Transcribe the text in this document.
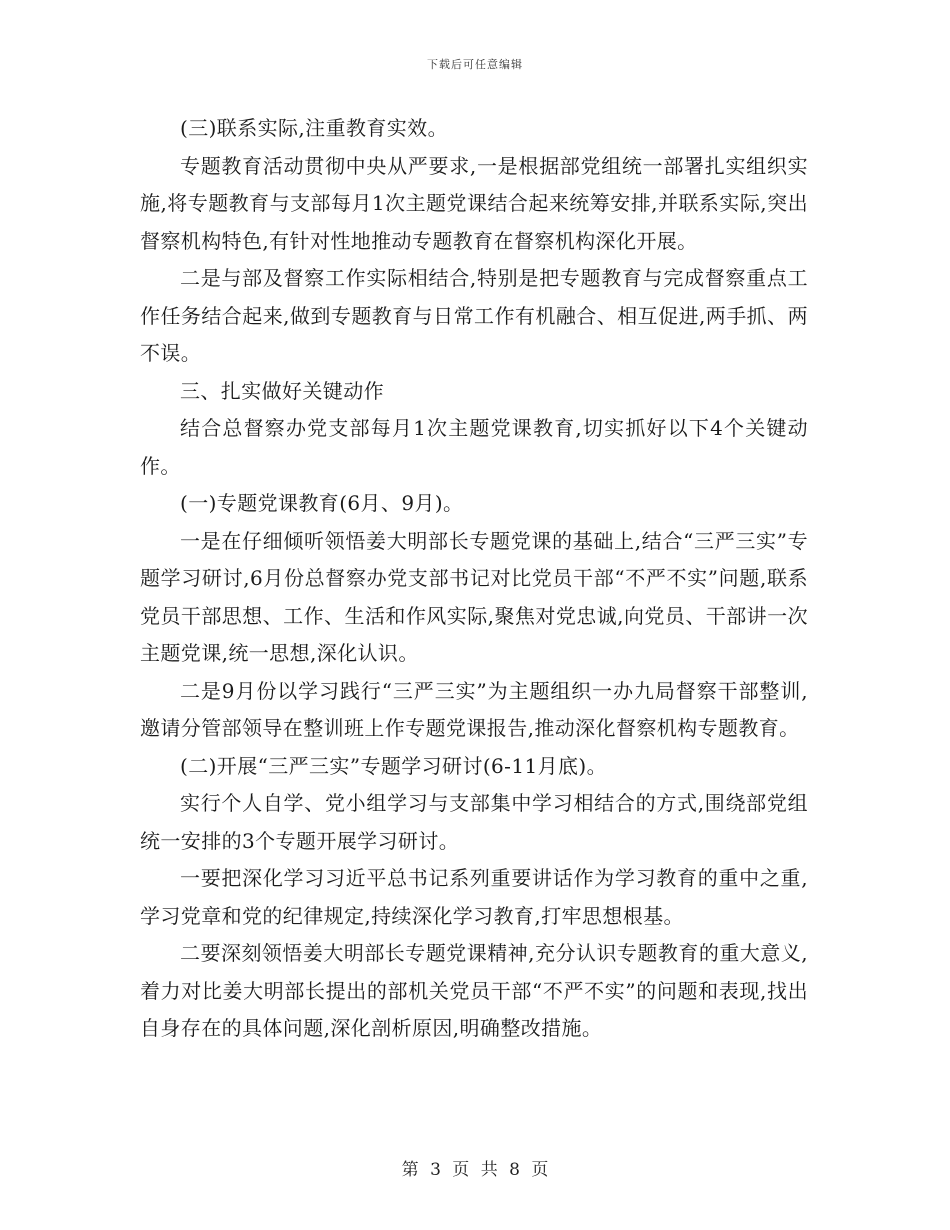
下载后可任意编辑

(三)联系实际,注重教育实效。

专题教育活动贯彻中央从严要求,一是根据部党组统一部署扎实组织实施,将专题教育与支部每月1次主题党课结合起来统筹安排,并联系实际,突出督察机构特色,有针对性地推动专题教育在督察机构深化开展。

二是与部及督察工作实际相结合,特别是把专题教育与完成督察重点工作任务结合起来,做到专题教育与日常工作有机融合、相互促进,两手抓、两不误。

三、扎实做好关键动作

结合总督察办党支部每月1次主题党课教育,切实抓好以下4个关键动作。

(一)专题党课教育(6月、9月)。

一是在仔细倾听领悟姜大明部长专题党课的基础上,结合“三严三实”专题学习研讨,6月份总督察办党支部书记对比党员干部“不严不实”问题,联系党员干部思想、工作、生活和作风实际,聚焦对党忠诚,向党员、干部讲一次主题党课,统一思想,深化认识。

二是9月份以学习践行“三严三实”为主题组织一办九局督察干部整训,邀请分管部领导在整训班上作专题党课报告,推动深化督察机构专题教育。

(二)开展“三严三实”专题学习研讨(6-11月底)。

实行个人自学、党小组学习与支部集中学习相结合的方式,围绕部党组统一安排的3个专题开展学习研讨。

一要把深化学习习近平总书记系列重要讲话作为学习教育的重中之重,学习党章和党的纪律规定,持续深化学习教育,打牢思想根基。

二要深刻领悟姜大明部长专题党课精神,充分认识专题教育的重大意义,着力对比姜大明部长提出的部机关党员干部“不严不实”的问题和表现,找出自身存在的具体问题,深化剖析原因,明确整改措施。

第 3 页 共 8 页
